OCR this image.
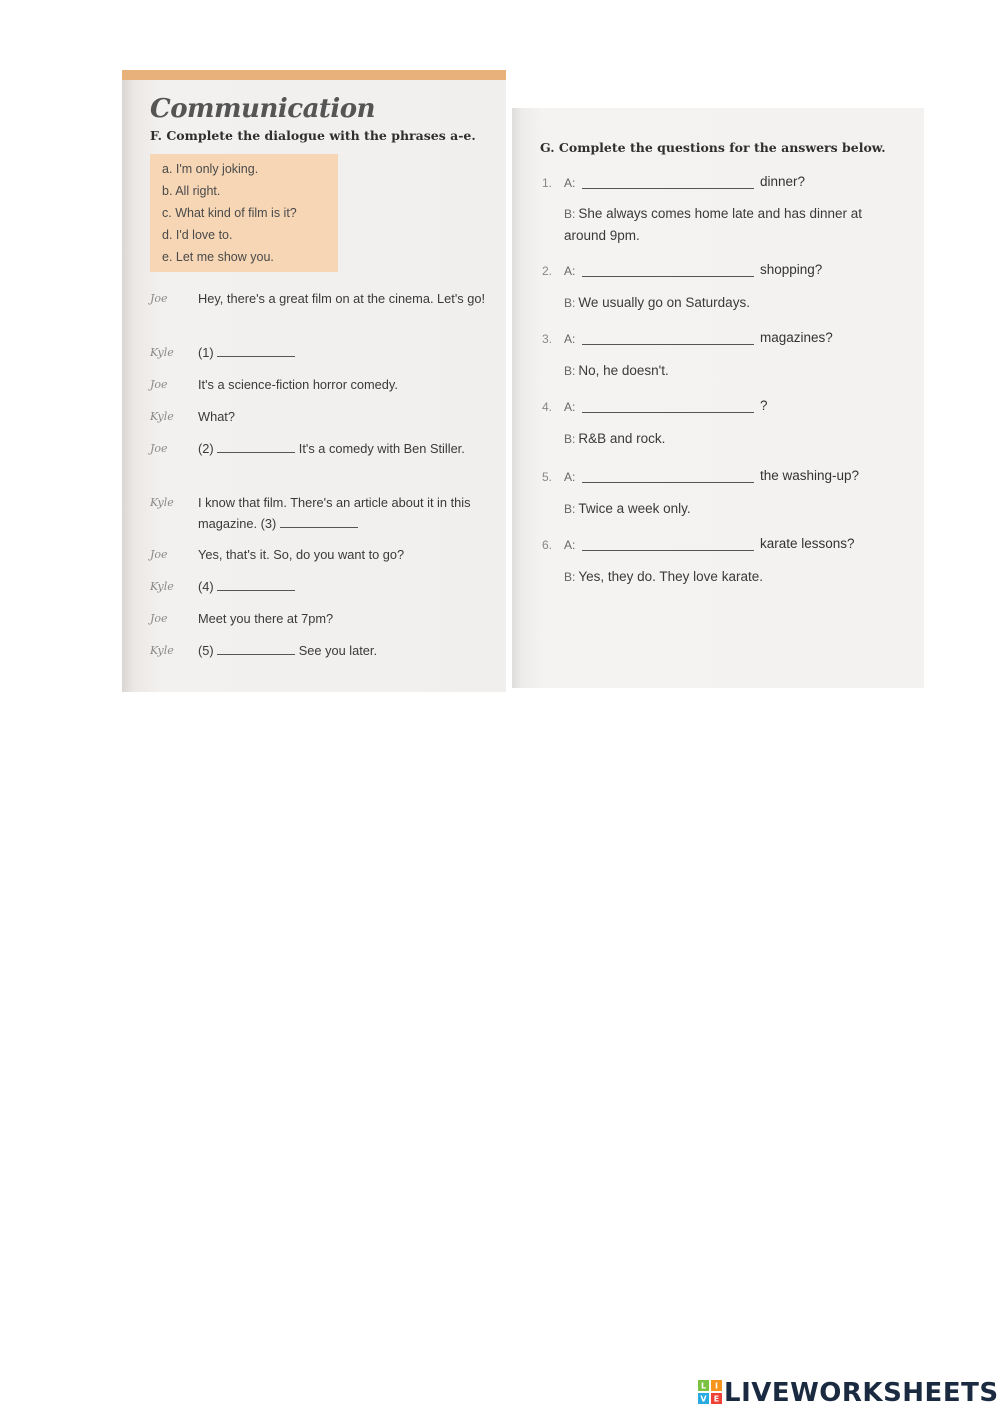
Communication
F. Complete the dialogue with the phrases a-e.
a. I'm only joking.
b. All right.
c. What kind of film is it?
d. I'd love to.
e. Let me show you.
Joe	Hey, there's a great film on at the cinema. Let's go!
Kyle	(1)
Joe	It's a science-fiction horror comedy.
Kyle	What?
Joe	(2)	It's a comedy with Ben Stiller.
Kyle	I know that film. There's an article about it in this magazine. (3)
Joe	Yes, that's it. So, do you want to go?
Kyle	(4)
Joe	Meet you there at 7pm?
Kyle	(5)	See you later.
G. Complete the questions for the answers below.
1. A:	dinner?
B: She always comes home late and has dinner at around 9pm.
2. A:	shopping?
B: We usually go on Saturdays.
3. A:	magazines?
B: No, he doesn't.
4. A:	?
B: R&B and rock.
5. A:	the washing-up?
B: Twice a week only.
6. A:	karate lessons?
B: Yes, they do. They love karate.
L I
V E LIVEWORKSHEETS
